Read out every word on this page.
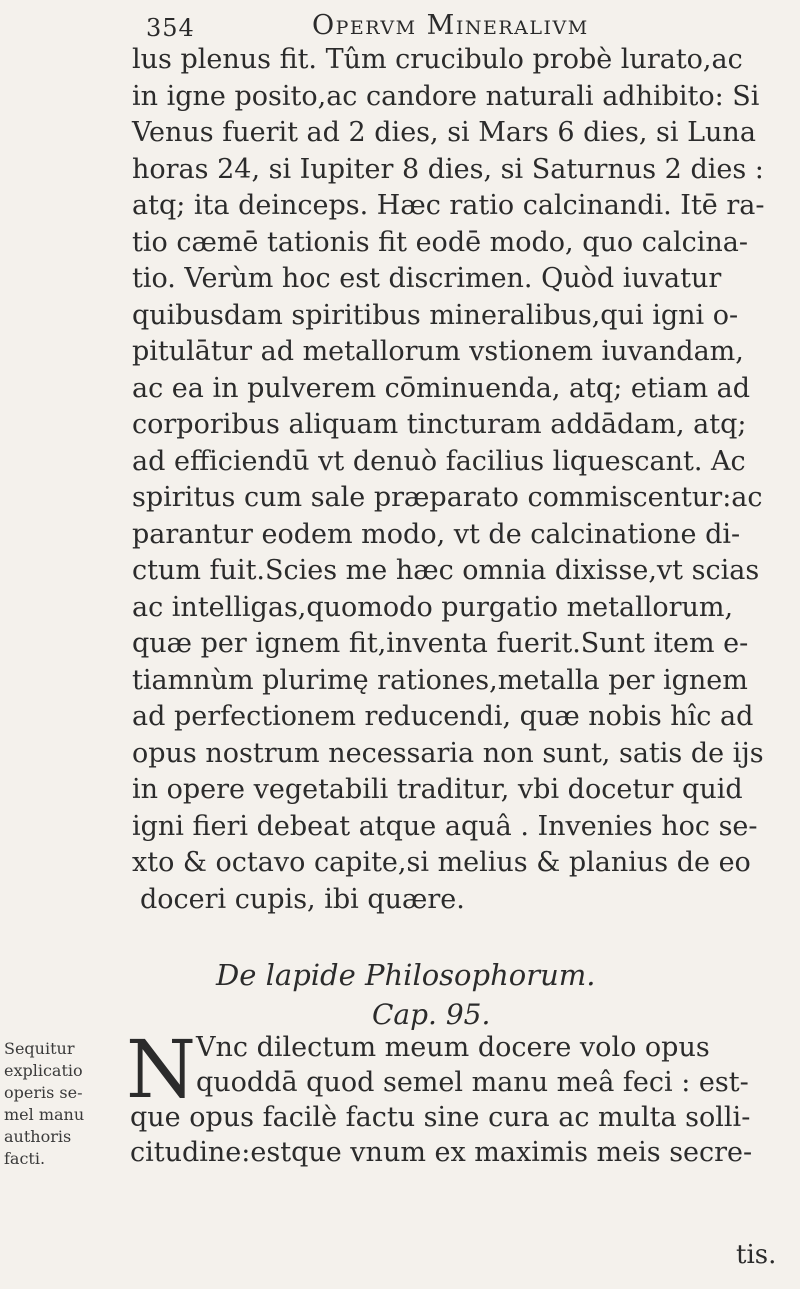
354	Opervm Mineralivm
lus plenus fit. Tûm crucibulo probè lurato,ac
in igne posito,ac candore naturali adhibito: Si
Venus fuerit ad 2 dies, si Mars 6 dies, si Luna
horas 24, si Iupiter 8 dies, si Saturnus 2 dies :
atq; ita deinceps. Hæc ratio calcinandi. Itē ra-
tio cæmē tationis fit eodē modo, quo calcina-
tio. Verùm hoc est discrimen. Quòd iuvatur
quibusdam spiritibus mineralibus,qui igni o-
pitulātur ad metallorum vstionem iuvandam,
ac ea in pulverem cōminuenda, atq; etiam ad
corporibus aliquam tincturam addādam, atq;
ad efficiendū vt denuò facilius liquescant. Ac
spiritus cum sale præparato commiscentur:ac
parantur eodem modo, vt de calcinatione di-
ctum fuit.Scies me hæc omnia dixisse,vt scias
ac intelligas,quomodo purgatio metallorum,
quæ per ignem fit,inventa fuerit.Sunt item e-
tiamnùm plurimę rationes,metalla per ignem
ad perfectionem reducendi, quæ nobis hîc ad
opus nostrum necessaria non sunt, satis de ijs
in opere vegetabili traditur, vbi docetur quid
igni fieri debeat atque aquâ . Invenies hoc se-
xto & octavo capite,si melius & planius de eo
doceri cupis, ibi quære.
De lapide Philosophorum.
Cap. 95.
N Vnc dilectum meum docere volo opus
quoddā quod semel manu meâ feci : est-
que opus facilè factu sine cura ac multa solli-
citudine:estque vnum ex maximis meis secre-
tis.
Sequitur
explicatio
operis se-
mel manu
authoris
facti.
